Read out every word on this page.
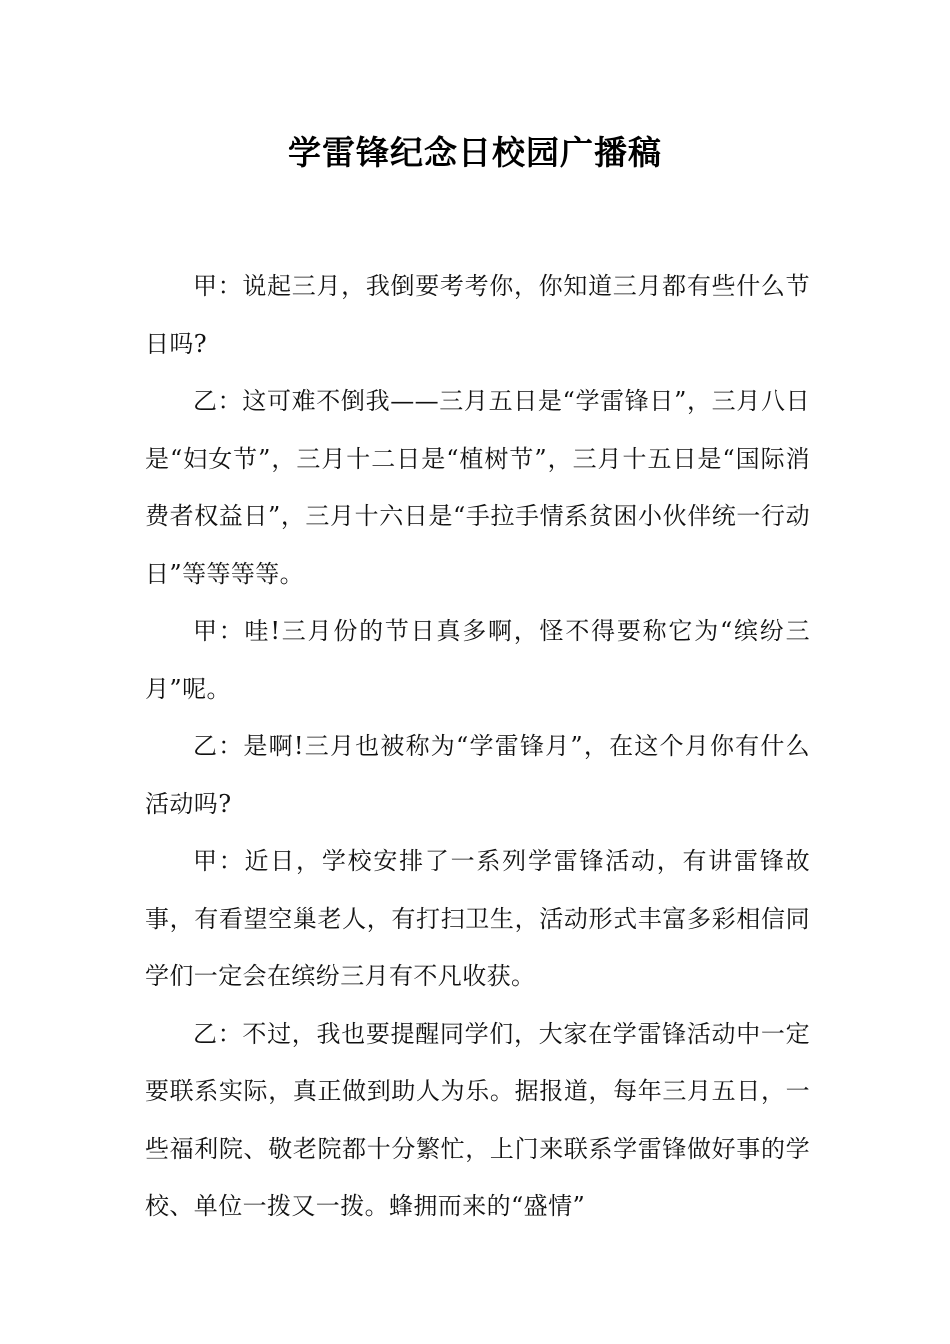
学雷锋纪念日校园广播稿

甲：说起三月，我倒要考考你，你知道三月都有些什么节日吗?

乙：这可难不倒我——三月五日是“学雷锋日”，三月八日是“妇女节”，三月十二日是“植树节”，三月十五日是“国际消费者权益日”，三月十六日是“手拉手情系贫困小伙伴统一行动日”等等等等。

甲：哇!三月份的节日真多啊，怪不得要称它为“缤纷三月”呢。

乙：是啊!三月也被称为“学雷锋月”，在这个月你有什么活动吗?

甲：近日，学校安排了一系列学雷锋活动，有讲雷锋故事，有看望空巢老人，有打扫卫生，活动形式丰富多彩相信同学们一定会在缤纷三月有不凡收获。

乙：不过，我也要提醒同学们，大家在学雷锋活动中一定要联系实际，真正做到助人为乐。据报道，每年三月五日，一些福利院、敬老院都十分繁忙，上门来联系学雷锋做好事的学校、单位一拨又一拨。蜂拥而来的“盛情”
